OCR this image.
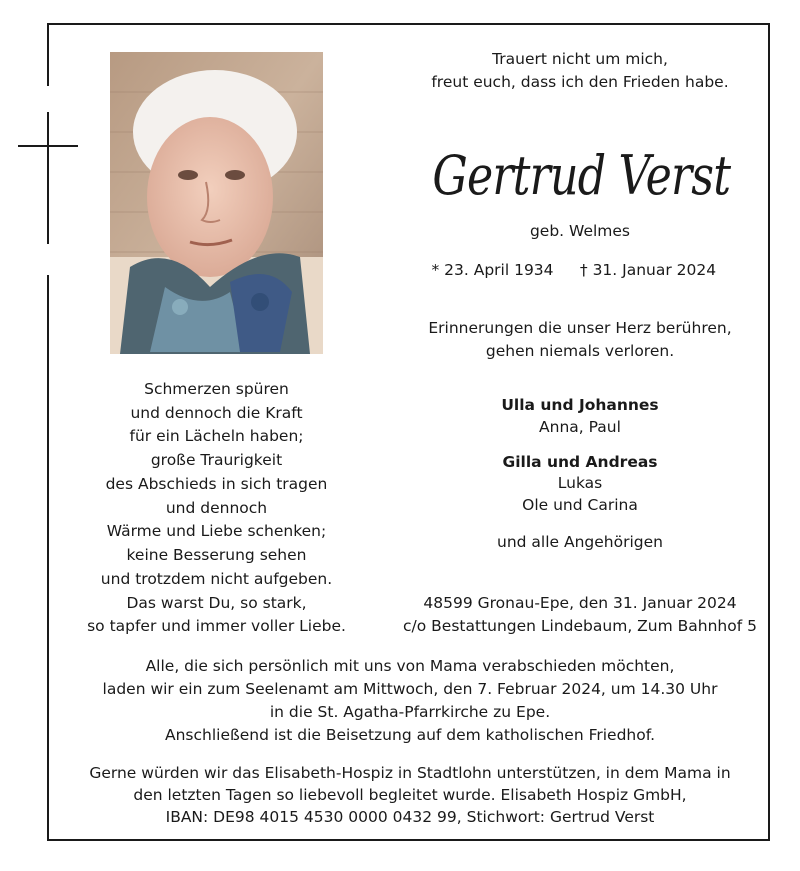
Trauert nicht um mich,
freut euch, dass ich den Frieden habe.
Gertrud Verst
geb. Welmes
* 23. April 1934	† 31. Januar 2024
Erinnerungen die unser Herz berühren,
gehen niemals verloren.
Schmerzen spüren
und dennoch die Kraft
für ein Lächeln haben;
große Traurigkeit
des Abschieds in sich tragen
und dennoch
Wärme und Liebe schenken;
keine Besserung sehen
und trotzdem nicht aufgeben.
Das warst Du, so stark,
so tapfer und immer voller Liebe.
Ulla und Johannes
Anna, Paul
Gilla und Andreas
Lukas
Ole und Carina
und alle Angehörigen
48599 Gronau-Epe, den 31. Januar 2024
c/o Bestattungen Lindebaum, Zum Bahnhof 5
Alle, die sich persönlich mit uns von Mama verabschieden möchten,
laden wir ein zum Seelenamt am Mittwoch, den 7. Februar 2024, um 14.30 Uhr
in die St. Agatha-Pfarrkirche zu Epe.
Anschließend ist die Beisetzung auf dem katholischen Friedhof.
Gerne würden wir das Elisabeth-Hospiz in Stadtlohn unterstützen, in dem Mama in
den letzten Tagen so liebevoll begleitet wurde. Elisabeth Hospiz GmbH,
IBAN: DE98 4015 4530 0000 0432 99, Stichwort: Gertrud Verst
